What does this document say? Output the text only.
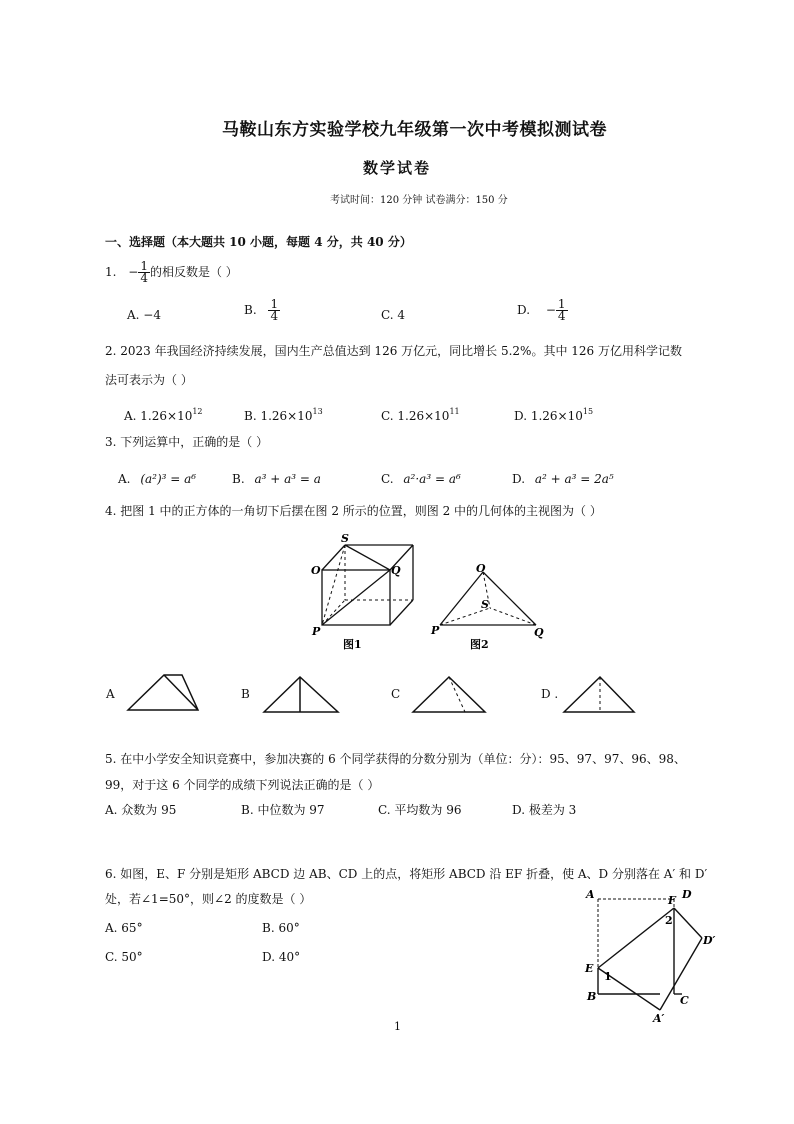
马鞍山东方实验学校九年级第一次中考模拟测试卷
数学试卷
考试时间：120 分钟 试卷满分：150 分
一、选择题（本大题共 10 小题，每题 4 分，共 40 分）
1. − $\frac{1}{4}$ 的相反数是（ ）
A. −4	B. $\frac{1}{4}$	C. 4	D. − $\frac{1}{4}$
2. 2023 年我国经济持续发展，国内生产总值达到 126 万亿元，同比增长 5.2%。其中 126 万亿用科学记数
法可表示为（ ）
A. $1.26\times 10^{12}$	B. $1.26\times 10^{13}$	C. $1.26\times 10^{11}$	D. $1.26\times 10^{15}$
3. 下列运算中，正确的是（ ）
A. (a²)³ = a⁶	B. a³ + a³ = a	C. a²·a³ = a⁶	D. a² + a³ = 2a⁵
4. 把图 1 中的正方体的一角切下后摆在图 2 所示的位置，则图 2 中的几何体的主视图为（ ）
S
O	Q
P
图1
O
S
P	Q
图2
A	B	C	D .
5. 在中小学安全知识竞赛中，参加决赛的 6 个同学获得的分数分别为（单位：分）：95、97、97、96、98、
99，对于这 6 个同学的成绩下列说法正确的是（ ）
A. 众数为 95	B. 中位数为 97	C. 平均数为 96	D. 极差为 3
6. 如图，E、F 分别是矩形 ABCD 边 AB、CD 上的点，将矩形 ABCD 沿 EF 折叠，使 A、D 分别落在 A′ 和 D′
处，若∠1=50°，则∠2 的度数是（ ）
A. 65°	B. 60°
C. 50°	D. 40°
A	D
F
D′
E
B	C
A′
1
2
1
